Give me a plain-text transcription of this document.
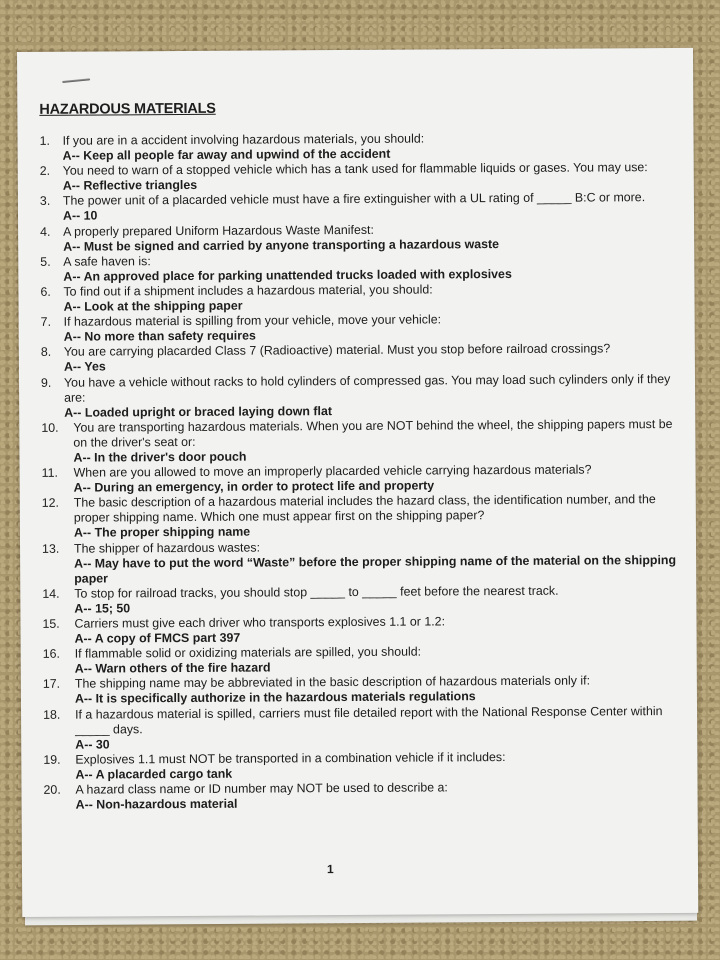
HAZARDOUS MATERIALS
1.	If you are in a accident involving hazardous materials, you should:
A-- Keep all people far away and upwind of the accident
2.	You need to warn of a stopped vehicle which has a tank used for flammable liquids or gases. You may use:
A-- Reflective triangles
3.	The power unit of a placarded vehicle must have a fire extinguisher with a UL rating of _____ B:C or more.
A-- 10
4.	A properly prepared Uniform Hazardous Waste Manifest:
A-- Must be signed and carried by anyone transporting a hazardous waste
5.	A safe haven is:
A-- An approved place for parking unattended trucks loaded with explosives
6.	To find out if a shipment includes a hazardous material, you should:
A-- Look at the shipping paper
7.	If hazardous material is spilling from your vehicle, move your vehicle:
A-- No more than safety requires
8.	You are carrying placarded Class 7 (Radioactive) material. Must you stop before railroad crossings?
A-- Yes
9.	You have a vehicle without racks to hold cylinders of compressed gas. You may load such cylinders only if they are:
A-- Loaded upright or braced laying down flat
10.	You are transporting hazardous materials. When you are NOT behind the wheel, the shipping papers must be on the driver's seat or:
A-- In the driver's door pouch
11.	When are you allowed to move an improperly placarded vehicle carrying hazardous materials?
A-- During an emergency, in order to protect life and property
12.	The basic description of a hazardous material includes the hazard class, the identification number, and the proper shipping name. Which one must appear first on the shipping paper?
A-- The proper shipping name
13.	The shipper of hazardous wastes:
A-- May have to put the word “Waste” before the proper shipping name of the material on the shipping paper
14.	To stop for railroad tracks, you should stop _____ to _____ feet before the nearest track.
A-- 15; 50
15.	Carriers must give each driver who transports explosives 1.1 or 1.2:
A-- A copy of FMCS part 397
16.	If flammable solid or oxidizing materials are spilled, you should:
A-- Warn others of the fire hazard
17.	The shipping name may be abbreviated in the basic description of hazardous materials only if:
A-- It is specifically authorize in the hazardous materials regulations
18.	If a hazardous material is spilled, carriers must file detailed report with the National Response Center within _____ days.
A-- 30
19.	Explosives 1.1 must NOT be transported in a combination vehicle if it includes:
A-- A placarded cargo tank
20.	A hazard class name or ID number may NOT be used to describe a:
A-- Non-hazardous material
1
